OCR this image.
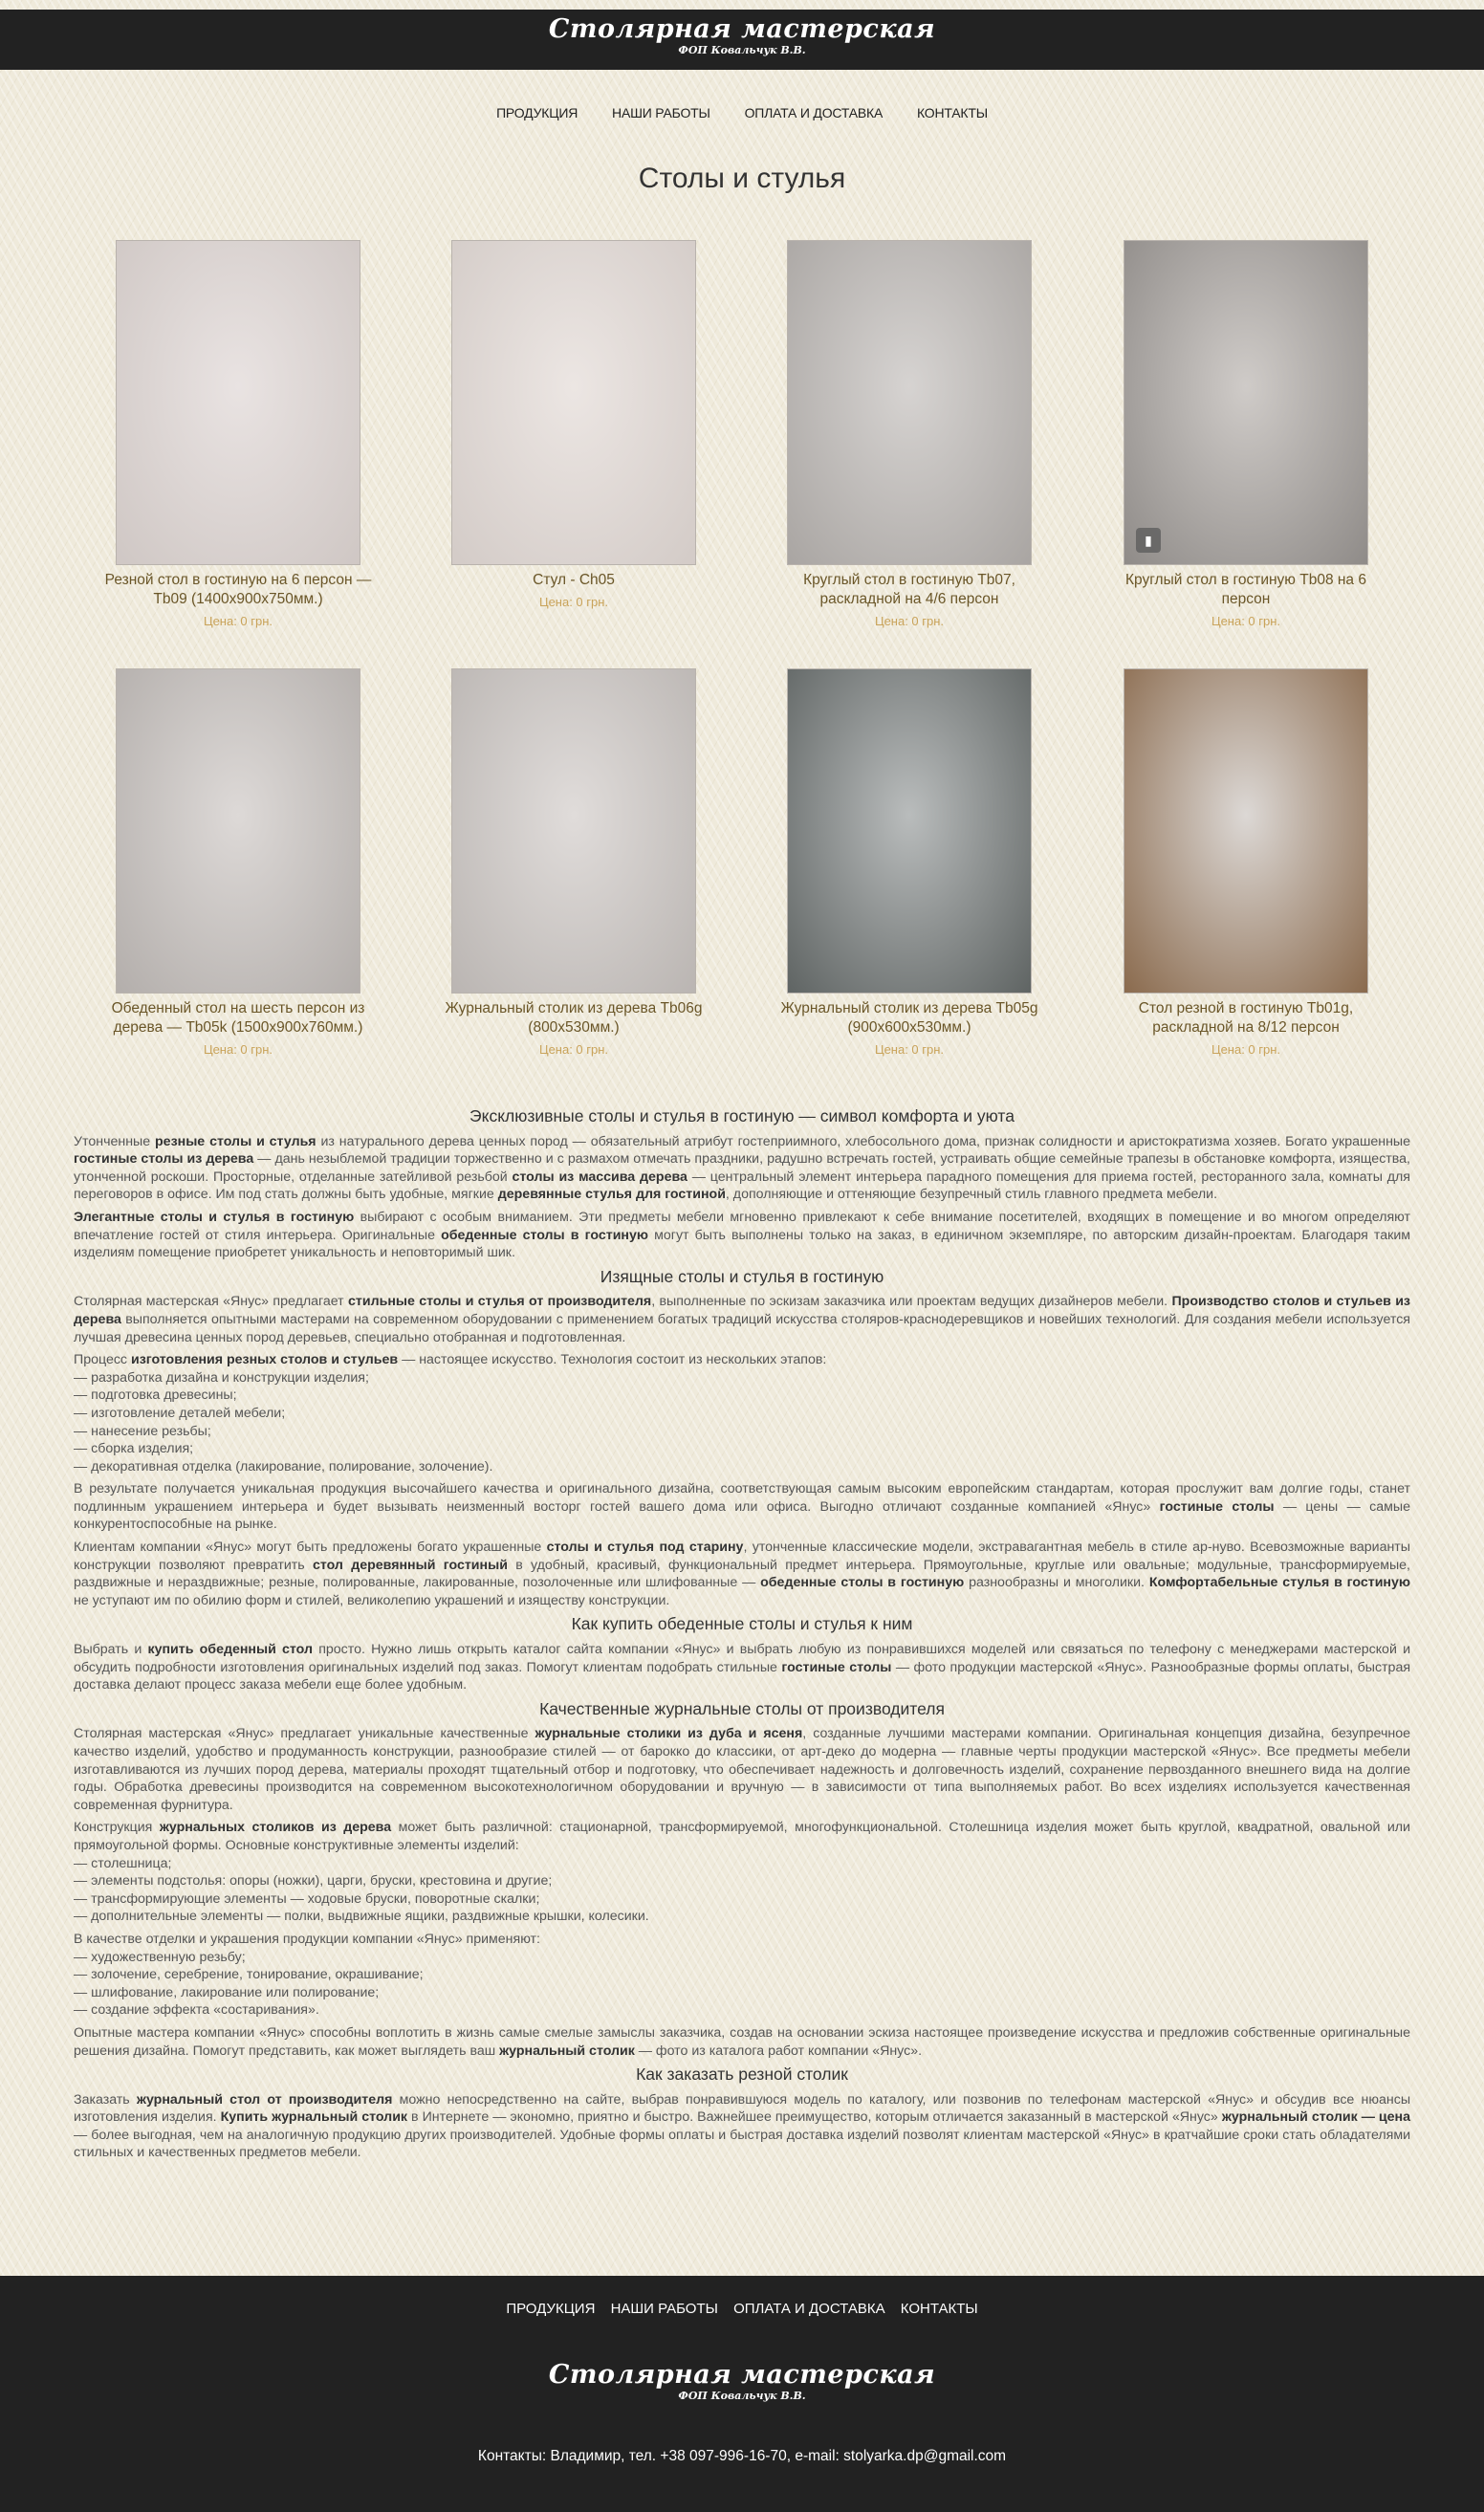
Столярная мастерская
ФОП Ковальчук В.В.
ПРОДУКЦИЯ	НАШИ РАБОТЫ	ОПЛАТА И ДОСТАВКА	КОНТАКТЫ
Столы и стулья
Резной стол в гостиную на 6 персон — Tb09 (1400x900x750мм.)
Цена: 0 грн.
Стул - Ch05
Цена: 0 грн.
Круглый стол в гостиную Tb07, раскладной на 4/6 персон
Цена: 0 грн.
▮
Круглый стол в гостиную Tb08 на 6 персон
Цена: 0 грн.
Обеденный стол на шесть персон из дерева — Tb05k (1500x900x760мм.)
Цена: 0 грн.
Журнальный столик из дерева Tb06g (800x530мм.)
Цена: 0 грн.
Журнальный столик из дерева Tb05g (900x600x530мм.)
Цена: 0 грн.
Стол резной в гостиную Tb01g, раскладной на 8/12 персон
Цена: 0 грн.
Эксклюзивные столы и стулья в гостиную — символ комфорта и уюта

Утонченные резные столы и стулья из натурального дерева ценных пород — обязательный атрибут гостеприимного, хлебосольного дома, признак солидности и аристократизма хозяев. Богато украшенные гостиные столы из дерева — дань незыблемой традиции торжественно и с размахом отмечать праздники, радушно встречать гостей, устраивать общие семейные трапезы в обстановке комфорта, изящества, утонченной роскоши. Просторные, отделанные затейливой резьбой столы из массива дерева — центральный элемент интерьера парадного помещения для приема гостей, ресторанного зала, комнаты для переговоров в офисе. Им под стать должны быть удобные, мягкие деревянные стулья для гостиной, дополняющие и оттеняющие безупречный стиль главного предмета мебели.

Элегантные столы и стулья в гостиную выбирают с особым вниманием. Эти предметы мебели мгновенно привлекают к себе внимание посетителей, входящих в помещение и во многом определяют впечатление гостей от стиля интерьера. Оригинальные обеденные столы в гостиную могут быть выполнены только на заказ, в единичном экземпляре, по авторским дизайн-проектам. Благодаря таким изделиям помещение приобретет уникальность и неповторимый шик.

Изящные столы и стулья в гостиную

Столярная мастерская «Янус» предлагает стильные столы и стулья от производителя, выполненные по эскизам заказчика или проектам ведущих дизайнеров мебели. Производство столов и стульев из дерева выполняется опытными мастерами на современном оборудовании с применением богатых традиций искусства столяров-краснодеревщиков и новейших технологий. Для создания мебели используется лучшая древесина ценных пород деревьев, специально отобранная и подготовленная.

Процесс изготовления резных столов и стульев — настоящее искусство. Технология состоит из нескольких этапов:
— разработка дизайна и конструкции изделия;
— подготовка древесины;
— изготовление деталей мебели;
— нанесение резьбы;
— сборка изделия;
— декоративная отделка (лакирование, полирование, золочение).

В результате получается уникальная продукция высочайшего качества и оригинального дизайна, соответствующая самым высоким европейским стандартам, которая прослужит вам долгие годы, станет подлинным украшением интерьера и будет вызывать неизменный восторг гостей вашего дома или офиса. Выгодно отличают созданные компанией «Янус» гостиные столы — цены — самые конкурентоспособные на рынке.

Клиентам компании «Янус» могут быть предложены богато украшенные столы и стулья под старину, утонченные классические модели, экстравагантная мебель в стиле ар-нуво. Всевозможные варианты конструкции позволяют превратить стол деревянный гостиный в удобный, красивый, функциональный предмет интерьера. Прямоугольные, круглые или овальные; модульные, трансформируемые, раздвижные и нераздвижные; резные, полированные, лакированные, позолоченные или шлифованные — обеденные столы в гостиную разнообразны и многолики. Комфортабельные стулья в гостиную не уступают им по обилию форм и стилей, великолепию украшений и изяществу конструкции.

Как купить обеденные столы и стулья к ним

Выбрать и купить обеденный стол просто. Нужно лишь открыть каталог сайта компании «Янус» и выбрать любую из понравившихся моделей или связаться по телефону с менеджерами мастерской и обсудить подробности изготовления оригинальных изделий под заказ. Помогут клиентам подобрать стильные гостиные столы — фото продукции мастерской «Янус». Разнообразные формы оплаты, быстрая доставка делают процесс заказа мебели еще более удобным.

Качественные журнальные столы от производителя

Столярная мастерская «Янус» предлагает уникальные качественные журнальные столики из дуба и ясеня, созданные лучшими мастерами компании. Оригинальная концепция дизайна, безупречное качество изделий, удобство и продуманность конструкции, разнообразие стилей — от барокко до классики, от арт-деко до модерна — главные черты продукции мастерской «Янус». Все предметы мебели изготавливаются из лучших пород дерева, материалы проходят тщательный отбор и подготовку, что обеспечивает надежность и долговечность изделий, сохранение первозданного внешнего вида на долгие годы. Обработка древесины производится на современном высокотехнологичном оборудовании и вручную — в зависимости от типа выполняемых работ. Во всех изделиях используется качественная современная фурнитура.

Конструкция журнальных столиков из дерева может быть различной: стационарной, трансформируемой, многофункциональной. Столешница изделия может быть круглой, квадратной, овальной или прямоугольной формы. Основные конструктивные элементы изделий:
— столешница;
— элементы подстолья: опоры (ножки), царги, бруски, крестовина и другие;
— трансформирующие элементы — ходовые бруски, поворотные скалки;
— дополнительные элементы — полки, выдвижные ящики, раздвижные крышки, колесики.

В качестве отделки и украшения продукции компании «Янус» применяют:
— художественную резьбу;
— золочение, серебрение, тонирование, окрашивание;
— шлифование, лакирование или полирование;
— создание эффекта «состаривания».

Опытные мастера компании «Янус» способны воплотить в жизнь самые смелые замыслы заказчика, создав на основании эскиза настоящее произведение искусства и предложив собственные оригинальные решения дизайна. Помогут представить, как может выглядеть ваш журнальный столик — фото из каталога работ компании «Янус».

Как заказать резной столик

Заказать журнальный стол от производителя можно непосредственно на сайте, выбрав понравившуюся модель по каталогу, или позвонив по телефонам мастерской «Янус» и обсудив все нюансы изготовления изделия. Купить журнальный столик в Интернете — экономно, приятно и быстро. Важнейшее преимущество, которым отличается заказанный в мастерской «Янус» журнальный столик — цена — более выгодная, чем на аналогичную продукцию других производителей. Удобные формы оплаты и быстрая доставка изделий позволят клиентам мастерской «Янус» в кратчайшие сроки стать обладателями стильных и качественных предметов мебели.

ПРОДУКЦИЯ НАШИ РАБОТЫ ОПЛАТА И ДОСТАВКА КОНТАКТЫ
Столярная мастерская
ФОП Ковальчук В.В.
Контакты: Владимир, тел. +38 097-996-16-70, e-mail: stolyarka.dp@gmail.com
